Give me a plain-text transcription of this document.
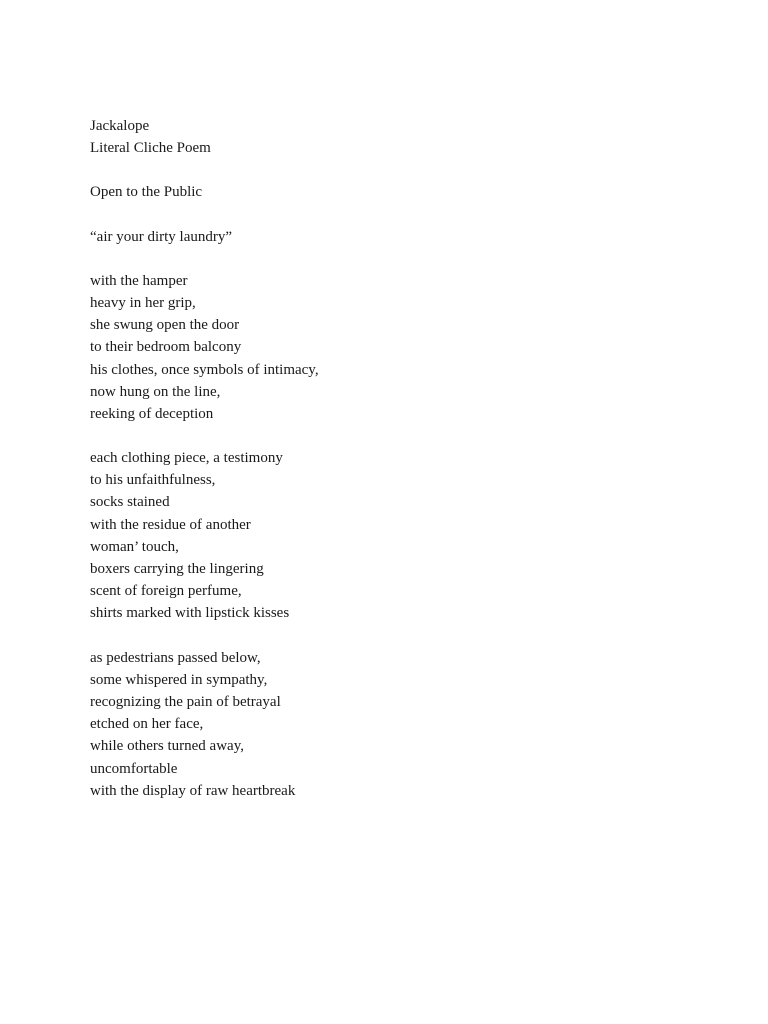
Jackalope
Literal Cliche Poem
Open to the Public
“air your dirty laundry”
with the hamper
heavy in her grip,
she swung open the door
to their bedroom balcony
his clothes, once symbols of intimacy,
now hung on the line,
reeking of deception
each clothing piece, a testimony
to his unfaithfulness,
socks stained
with the residue of another
woman’ touch,
boxers carrying the lingering
scent of foreign perfume,
shirts marked with lipstick kisses
as pedestrians passed below,
some whispered in sympathy,
recognizing the pain of betrayal
etched on her face,
while others turned away,
uncomfortable
with the display of raw heartbreak
